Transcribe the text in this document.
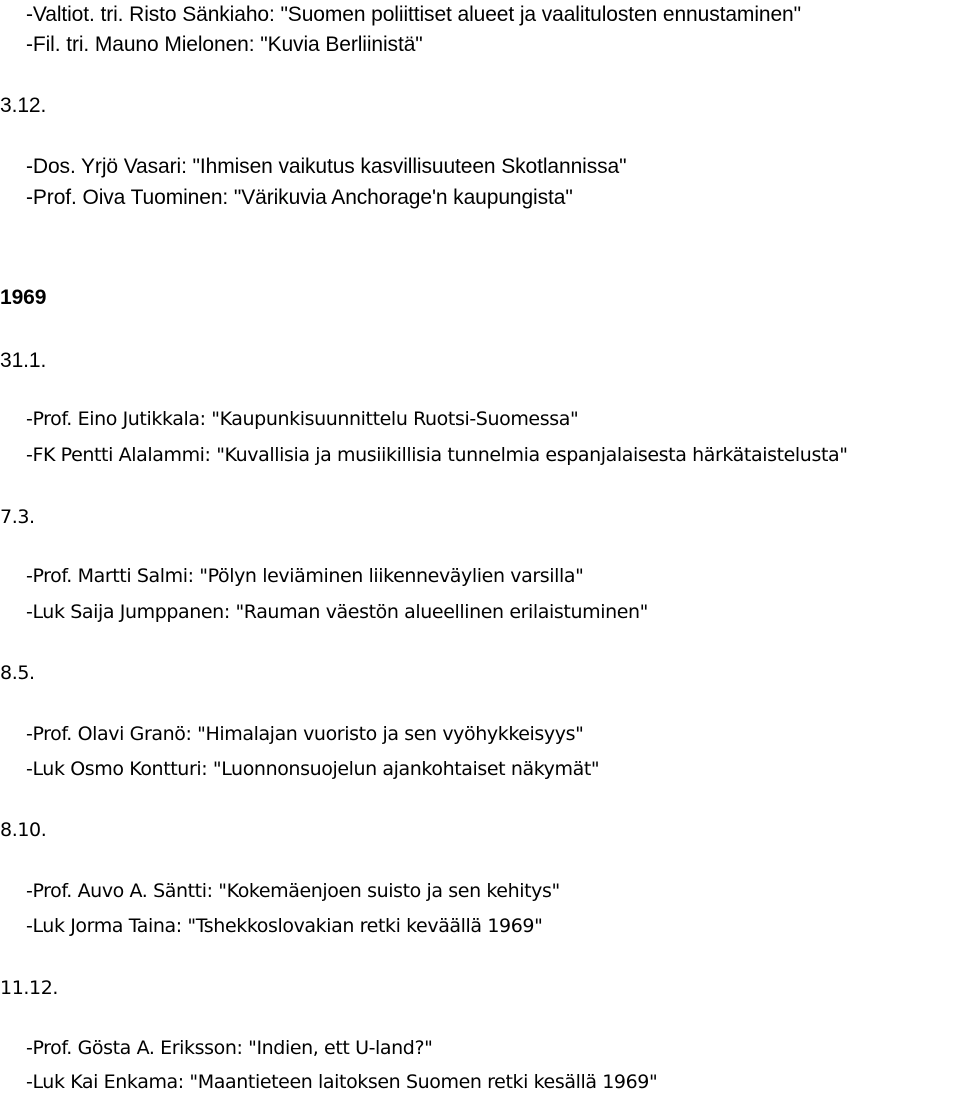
-Valtiot. tri. Risto Sänkiaho: "Suomen poliittiset alueet ja vaalitulosten ennustaminen"
-Fil. tri. Mauno Mielonen: "Kuvia Berliinistä"
3.12.
-Dos. Yrjö Vasari: "Ihmisen vaikutus kasvillisuuteen Skotlannissa"
-Prof. Oiva Tuominen: "Värikuvia Anchorage'n kaupungista"
1969
31.1.
-Prof. Eino Jutikkala: "Kaupunkisuunnittelu Ruotsi-Suomessa"
-FK Pentti Alalammi: "Kuvallisia ja musiikillisia tunnelmia espanjalaisesta härkätaistelusta"
7.3.
-Prof. Martti Salmi: "Pölyn leviäminen liikenneväylien varsilla"
-Luk Saija Jumppanen: "Rauman väestön alueellinen erilaistuminen"
8.5.
-Prof. Olavi Granö: "Himalajan vuoristo ja sen vyöhykkeisyys"
-Luk Osmo Kontturi: "Luonnonsuojelun ajankohtaiset näkymät"
8.10.
-Prof. Auvo A. Säntti: "Kokemäenjoen suisto ja sen kehitys"
-Luk Jorma Taina: "Tshekkoslovakian retki keväällä 1969"
11.12.
-Prof. Gösta A. Eriksson: "Indien, ett U-land?"
-Luk Kai Enkama: "Maantieteen laitoksen Suomen retki kesällä 1969"
